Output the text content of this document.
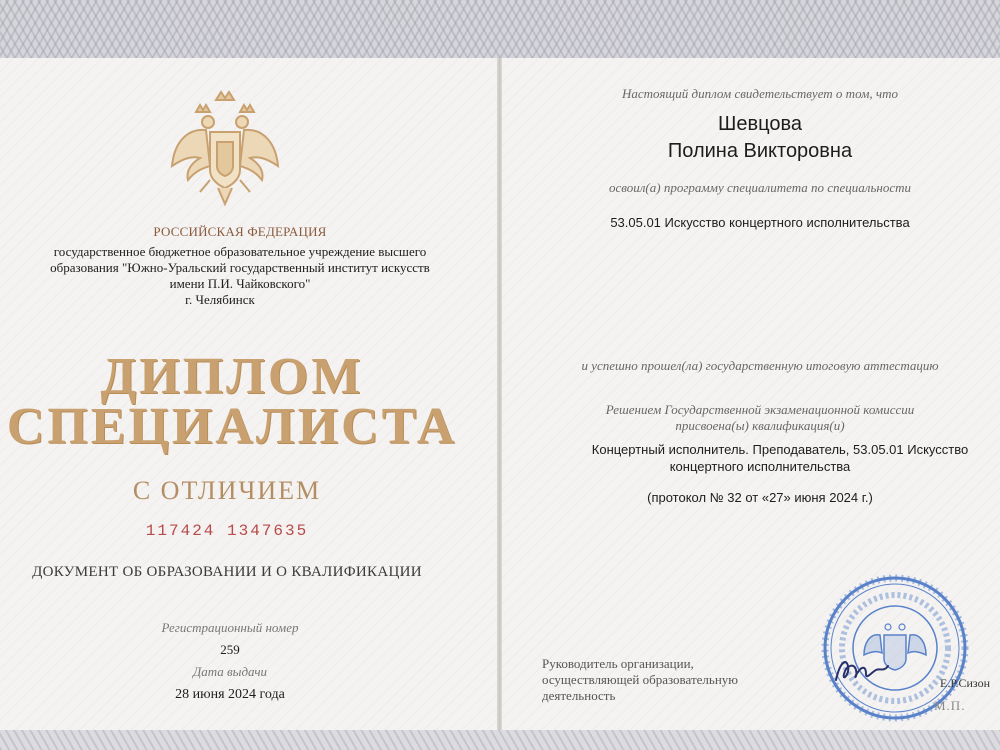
РОССИЙСКАЯ ФЕДЕРАЦИЯ
государственное бюджетное образовательное учреждение высшего
образования "Южно-Уральский государственный институт искусств
имени П.И. Чайковского"
г. Челябинск
ДИПЛОМ
СПЕЦИАЛИСТА
С ОТЛИЧИЕМ
117424 1347635
ДОКУМЕНТ ОБ ОБРАЗОВАНИИ И О КВАЛИФИКАЦИИ
Регистрационный номер
259
Дата выдачи
28 июня 2024 года
Настоящий диплом свидетельствует о том, что
Шевцова
Полина Викторовна
освоил(а) программу специалитета по специальности
53.05.01 Искусство концертного исполнительства
и успешно прошел(ла) государственную итоговую аттестацию
Решением Государственной экзаменационной комиссии
присвоена(ы) квалификация(и)
Концертный исполнитель. Преподаватель, 53.05.01 Искусство
концертного исполнительства
(протокол № 32 от «27» июня 2024 г.)
Руководитель организации,
осуществляющей образовательную
деятельность
Е.Р.Сизон
М.П.
